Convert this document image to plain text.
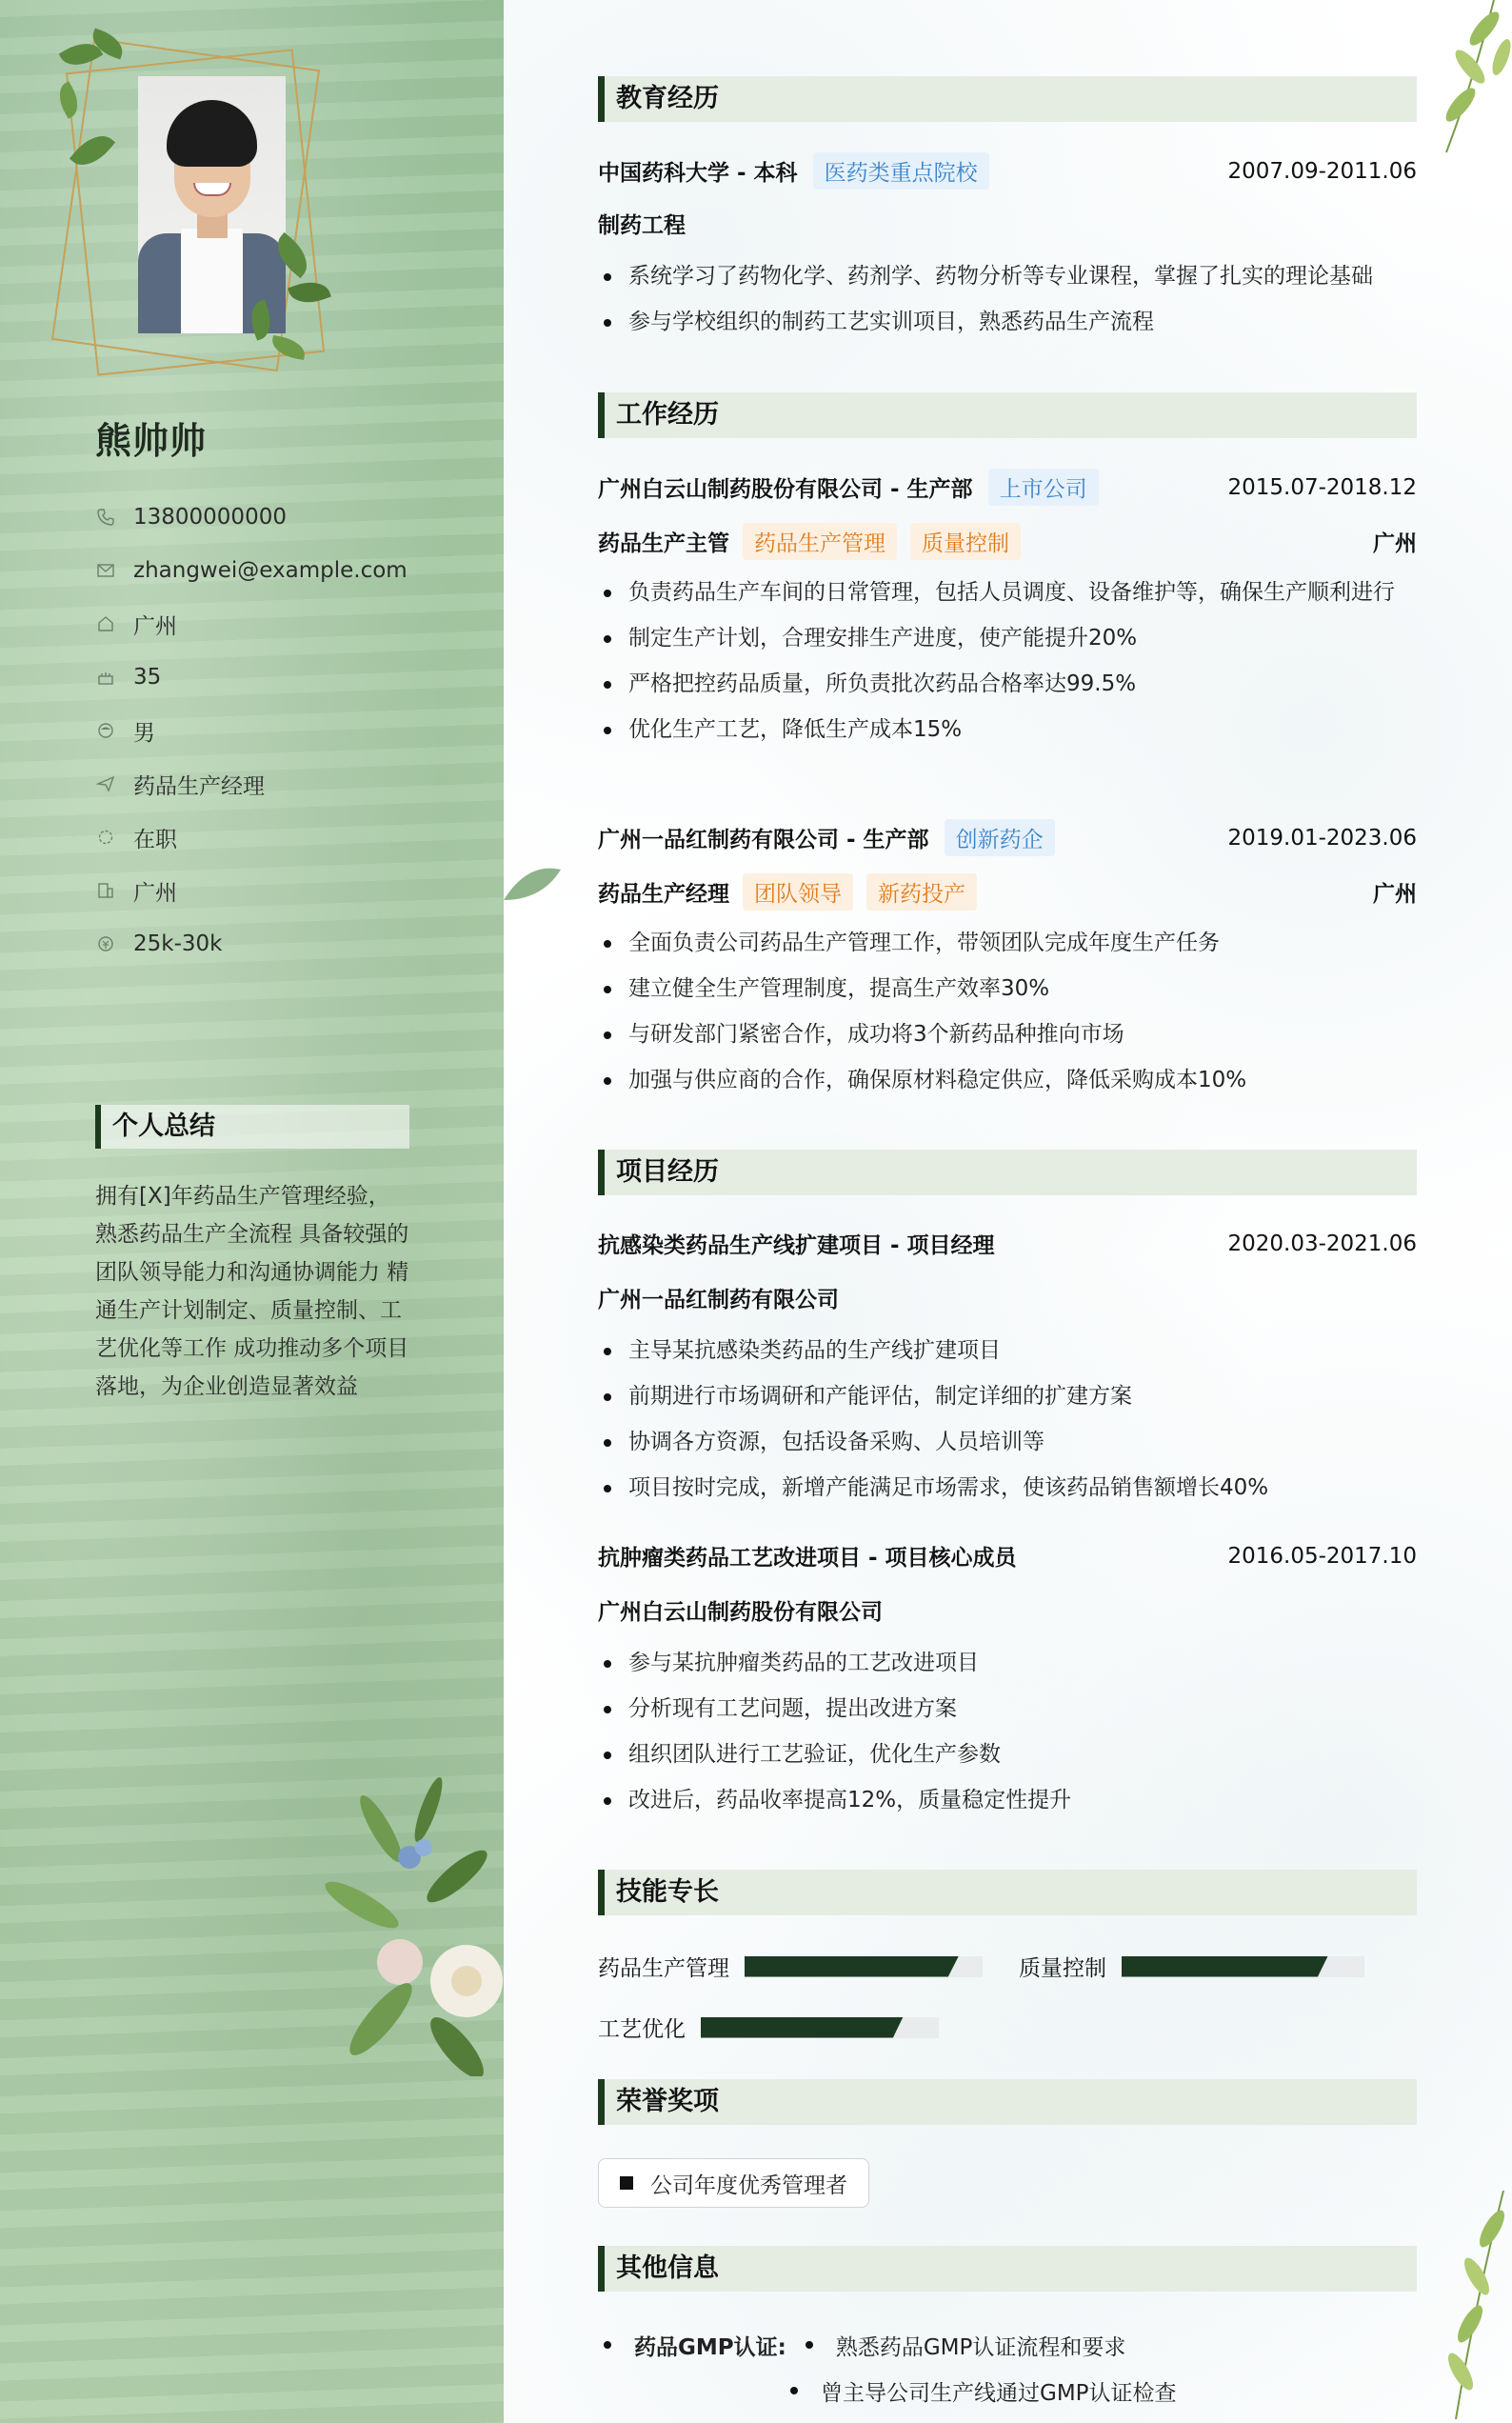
熊帅帅
13800000000
zhangwei@example.com
广州
35
男
药品生产经理
在职
广州
25k-30k
个人总结
拥有[X]年药品生产管理经验，熟悉药品生产全流程 具备较强的团队领导能力和沟通协调能力 精通生产计划制定、质量控制、工艺优化等工作 成功推动多个项目落地，为企业创造显著效益
教育经历
中国药科大学 - 本科	医药类重点院校	2007.09-2011.06
制药工程
系统学习了药物化学、药剂学、药物分析等专业课程，掌握了扎实的理论基础
参与学校组织的制药工艺实训项目，熟悉药品生产流程
工作经历
广州白云山制药股份有限公司 - 生产部	上市公司	2015.07-2018.12
药品生产主管	药品生产管理	质量控制	广州
负责药品生产车间的日常管理，包括人员调度、设备维护等，确保生产顺利进行
制定生产计划，合理安排生产进度，使产能提升20%
严格把控药品质量，所负责批次药品合格率达99.5%
优化生产工艺，降低生产成本15%
广州一品红制药有限公司 - 生产部	创新药企	2019.01-2023.06
药品生产经理	团队领导	新药投产	广州
全面负责公司药品生产管理工作，带领团队完成年度生产任务
建立健全生产管理制度，提高生产效率30%
与研发部门紧密合作，成功将3个新药品种推向市场
加强与供应商的合作，确保原材料稳定供应，降低采购成本10%
项目经历
抗感染类药品生产线扩建项目 - 项目经理	2020.03-2021.06
广州一品红制药有限公司
主导某抗感染类药品的生产线扩建项目
前期进行市场调研和产能评估，制定详细的扩建方案
协调各方资源，包括设备采购、人员培训等
项目按时完成，新增产能满足市场需求，使该药品销售额增长40%
抗肿瘤类药品工艺改进项目 - 项目核心成员	2016.05-2017.10
广州白云山制药股份有限公司
参与某抗肿瘤类药品的工艺改进项目
分析现有工艺问题，提出改进方案
组织团队进行工艺验证，优化生产参数
改进后，药品收率提高12%，质量稳定性提升
技能专长
药品生产管理	质量控制
工艺优化
荣誉奖项
公司年度优秀管理者
其他信息
药品GMP认证: 熟悉药品GMP认证流程和要求
曾主导公司生产线通过GMP认证检查
